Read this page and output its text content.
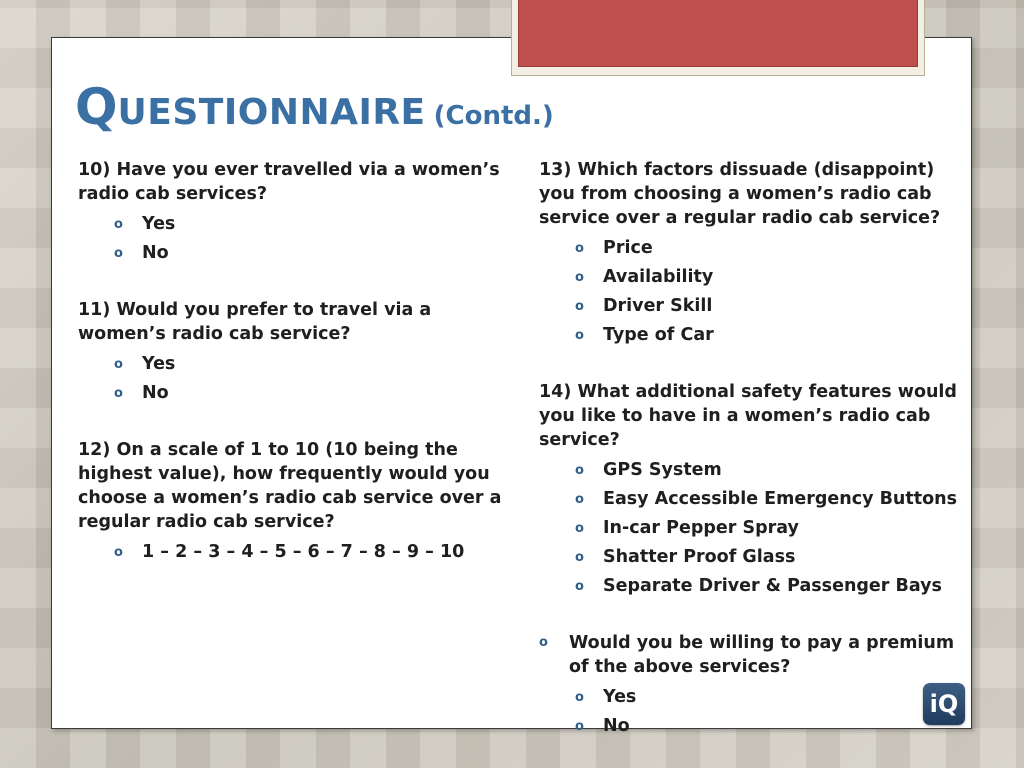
QUESTIONNAIRE (Contd.)

10) Have you ever travelled via a women’s radio cab services?

o Yes
o No

11) Would you prefer to travel via a women’s radio cab service?

o Yes
o No

12) On a scale of 1 to 10 (10 being the highest value), how frequently would you choose a women’s radio cab service over a regular radio cab service?

o 1 – 2 – 3 – 4 – 5 – 6 – 7 – 8 – 9 – 10

13) Which factors dissuade (disappoint) you from choosing a women’s radio cab service over a regular radio cab service?

o Price
o Availability
o Driver Skill
o Type of Car

14) What additional safety features would you like to have in a women’s radio cab service?

o GPS System
o Easy Accessible Emergency Buttons
o In-car Pepper Spray
o Shatter Proof Glass
o Separate Driver & Passenger Bays

o Would you be willing to pay a premium of the above services?

o Yes
o No
iQ
